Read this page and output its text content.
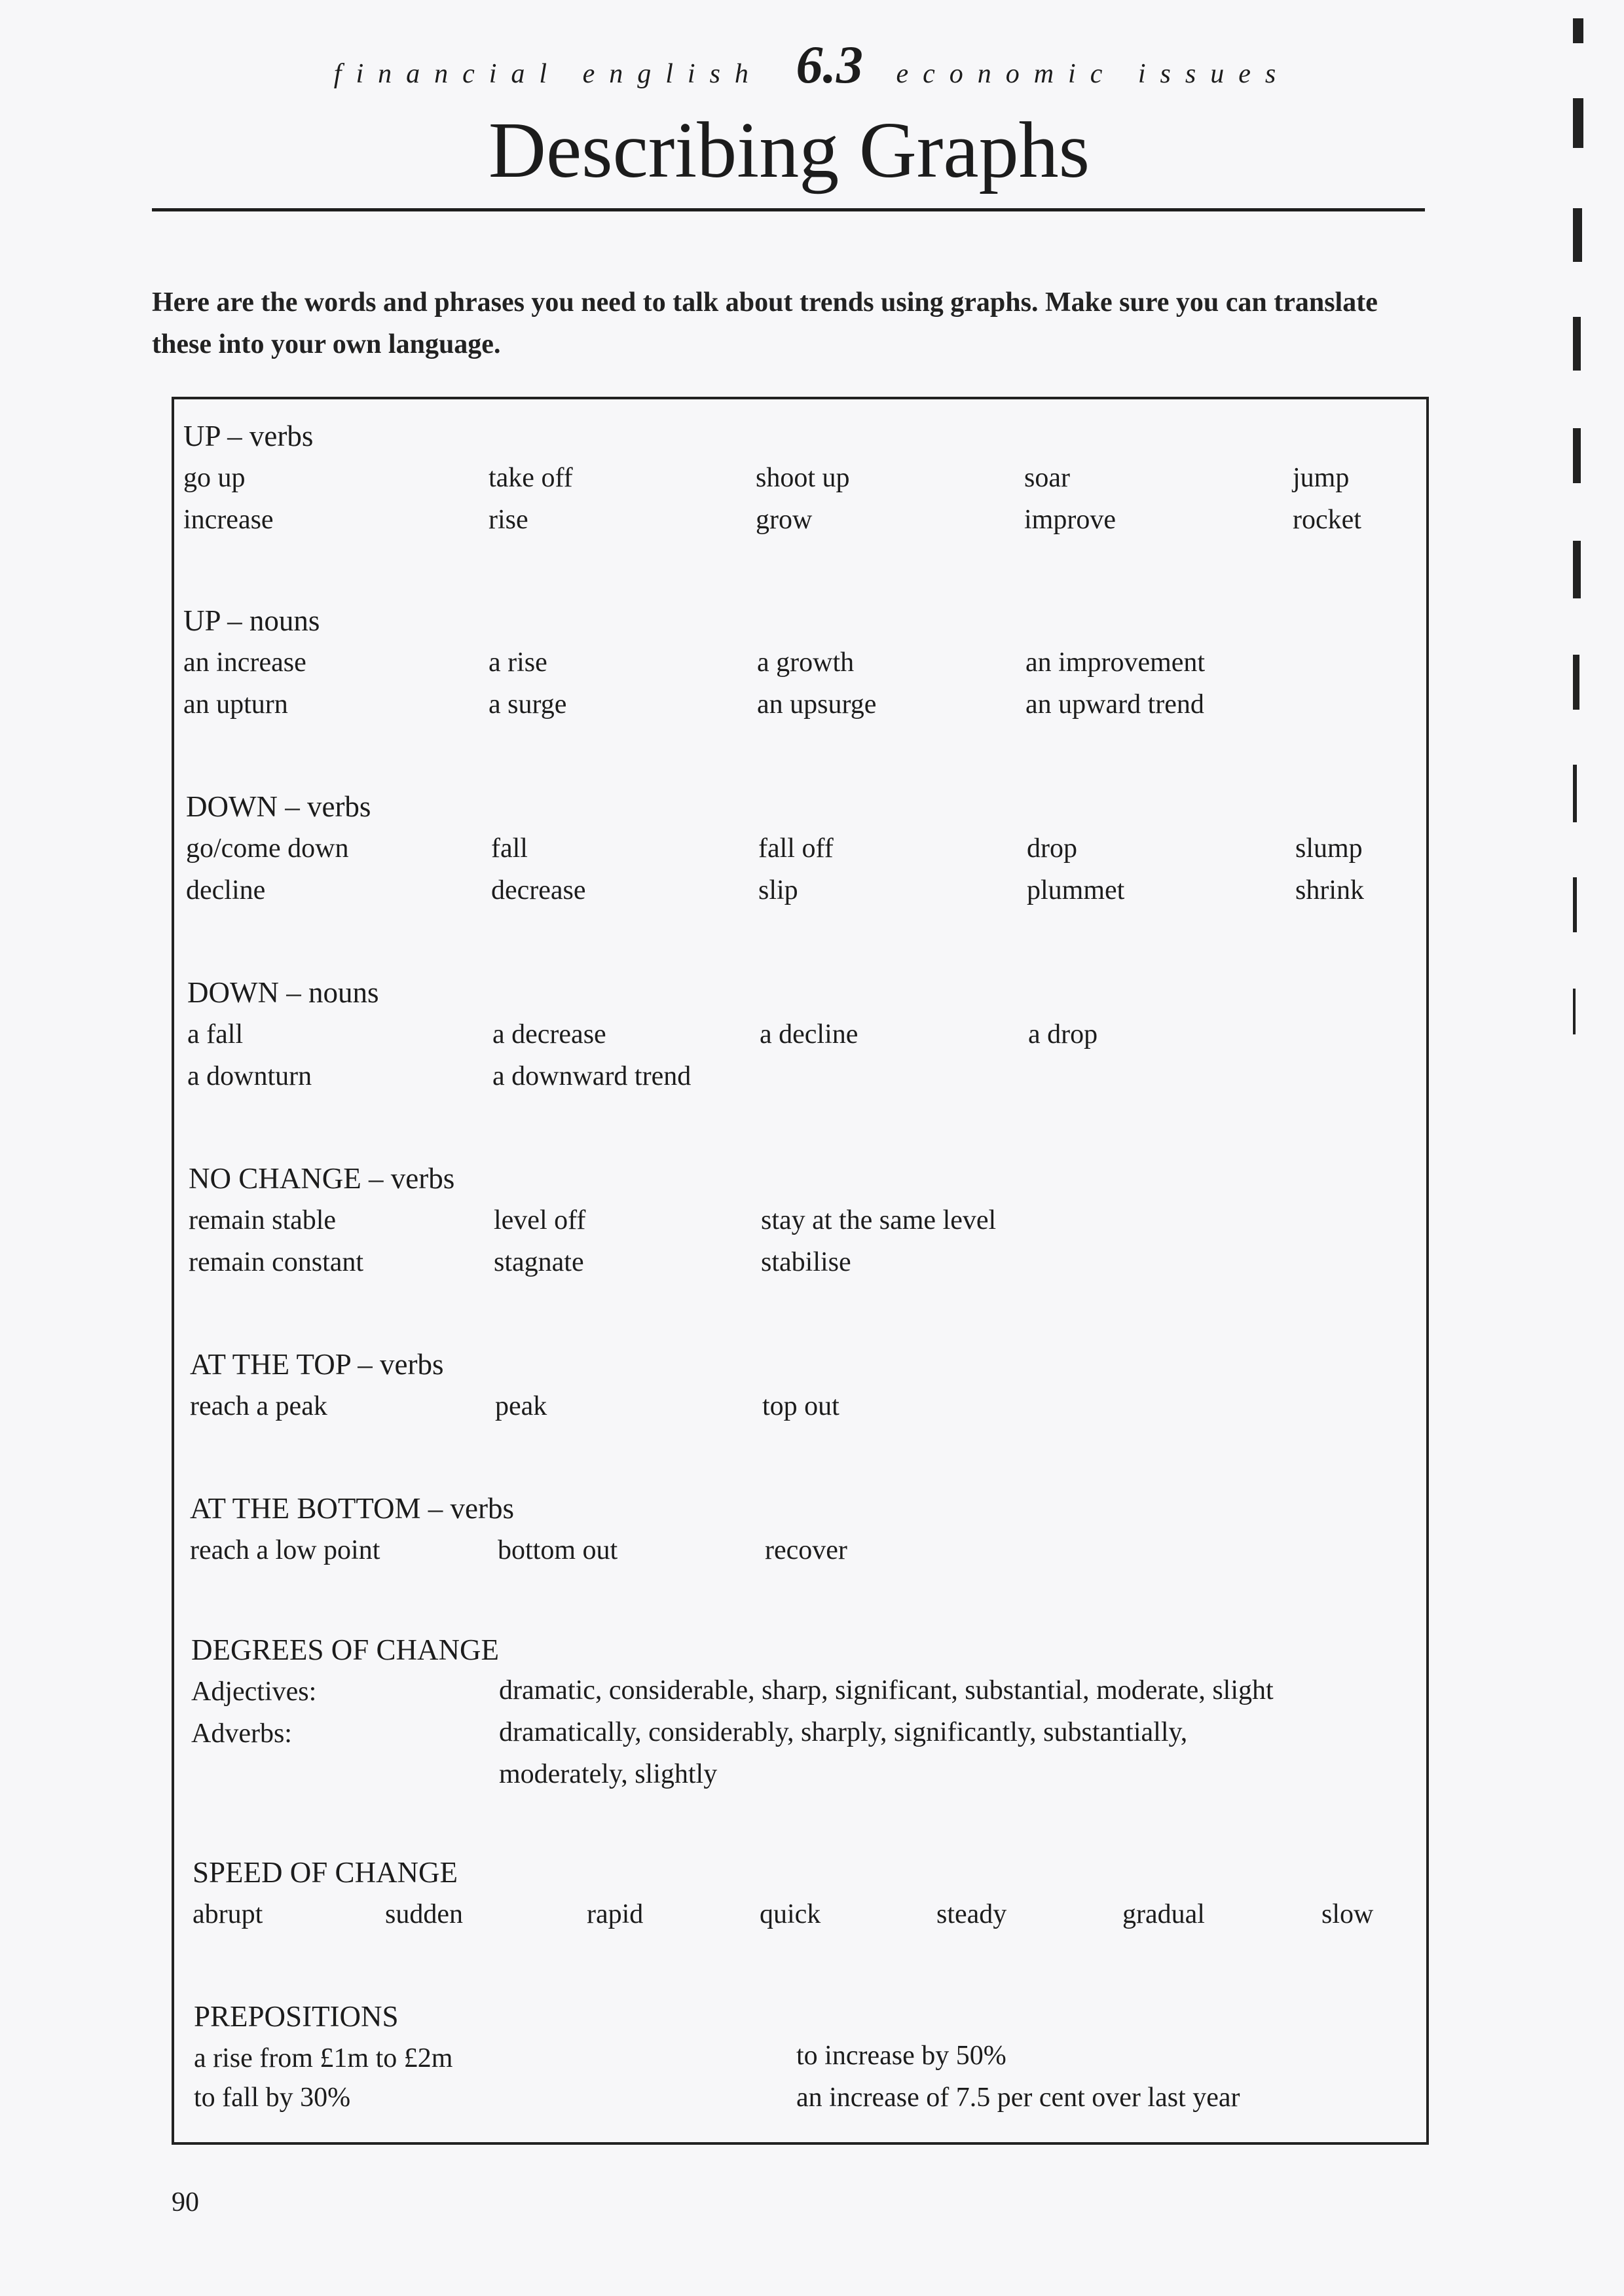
financial english 6.3 economic issues
Describing Graphs
Here are the words and phrases you need to talk about trends using graphs. Make sure you can translate these into your own language.
UP – verbs
go up	take off	shoot up	soar	jump
increase	rise	grow	improve	rocket
UP – nouns
an increase	a rise	a growth	an improvement
an upturn	a surge	an upsurge	an upward trend
DOWN – verbs
go/come down	fall	fall off	drop	slump
decline	decrease	slip	plummet	shrink
DOWN – nouns
a fall	a decrease	a decline	a drop
a downturn	a downward trend
NO CHANGE – verbs
remain stable	level off	stay at the same level
remain constant	stagnate	stabilise
AT THE TOP – verbs
reach a peak	peak	top out
AT THE BOTTOM – verbs
reach a low point	bottom out	recover
DEGREES OF CHANGE
Adjectives:	dramatic, considerable, sharp, significant, substantial, moderate, slight
Adverbs:	dramatically, considerably, sharply, significantly, substantially, moderately, slightly
SPEED OF CHANGE
abrupt	sudden	rapid	quick	steady	gradual	slow
PREPOSITIONS
a rise from £1m to £2m	to increase by 50%
to fall by 30%	an increase of 7.5 per cent over last year
90
